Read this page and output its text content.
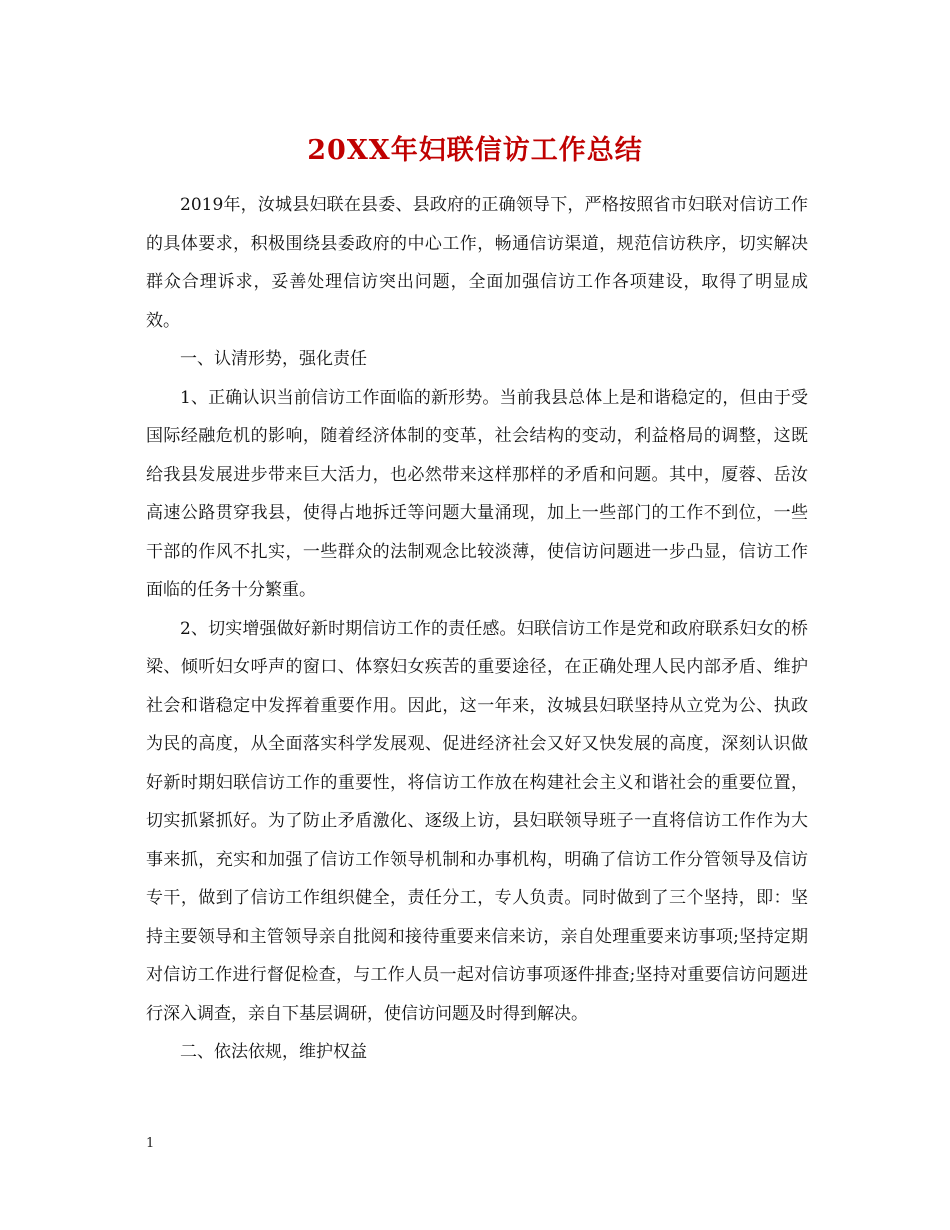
20XX年妇联信访工作总结

2019年，汝城县妇联在县委、县政府的正确领导下，严格按照省市妇联对信访工作的具体要求，积极围绕县委政府的中心工作，畅通信访渠道，规范信访秩序，切实解决群众合理诉求，妥善处理信访突出问题，全面加强信访工作各项建设，取得了明显成效。

一、认清形势，强化责任

1、正确认识当前信访工作面临的新形势。当前我县总体上是和谐稳定的，但由于受国际经融危机的影响，随着经济体制的变革，社会结构的变动，利益格局的调整，这既给我县发展进步带来巨大活力，也必然带来这样那样的矛盾和问题。其中，厦蓉、岳汝高速公路贯穿我县，使得占地拆迁等问题大量涌现，加上一些部门的工作不到位，一些干部的作风不扎实，一些群众的法制观念比较淡薄，使信访问题进一步凸显，信访工作面临的任务十分繁重。

2、切实增强做好新时期信访工作的责任感。妇联信访工作是党和政府联系妇女的桥梁、倾听妇女呼声的窗口、体察妇女疾苦的重要途径，在正确处理人民内部矛盾、维护社会和谐稳定中发挥着重要作用。因此，这一年来，汝城县妇联坚持从立党为公、执政为民的高度，从全面落实科学发展观、促进经济社会又好又快发展的高度，深刻认识做好新时期妇联信访工作的重要性，将信访工作放在构建社会主义和谐社会的重要位置，切实抓紧抓好。为了防止矛盾激化、逐级上访，县妇联领导班子一直将信访工作作为大事来抓，充实和加强了信访工作领导机制和办事机构，明确了信访工作分管领导及信访专干，做到了信访工作组织健全，责任分工，专人负责。同时做到了三个坚持，即：坚持主要领导和主管领导亲自批阅和接待重要来信来访，亲自处理重要来访事项;坚持定期对信访工作进行督促检查，与工作人员一起对信访事项逐件排查;坚持对重要信访问题进行深入调查，亲自下基层调研，使信访问题及时得到解决。

二、依法依规，维护权益

1
